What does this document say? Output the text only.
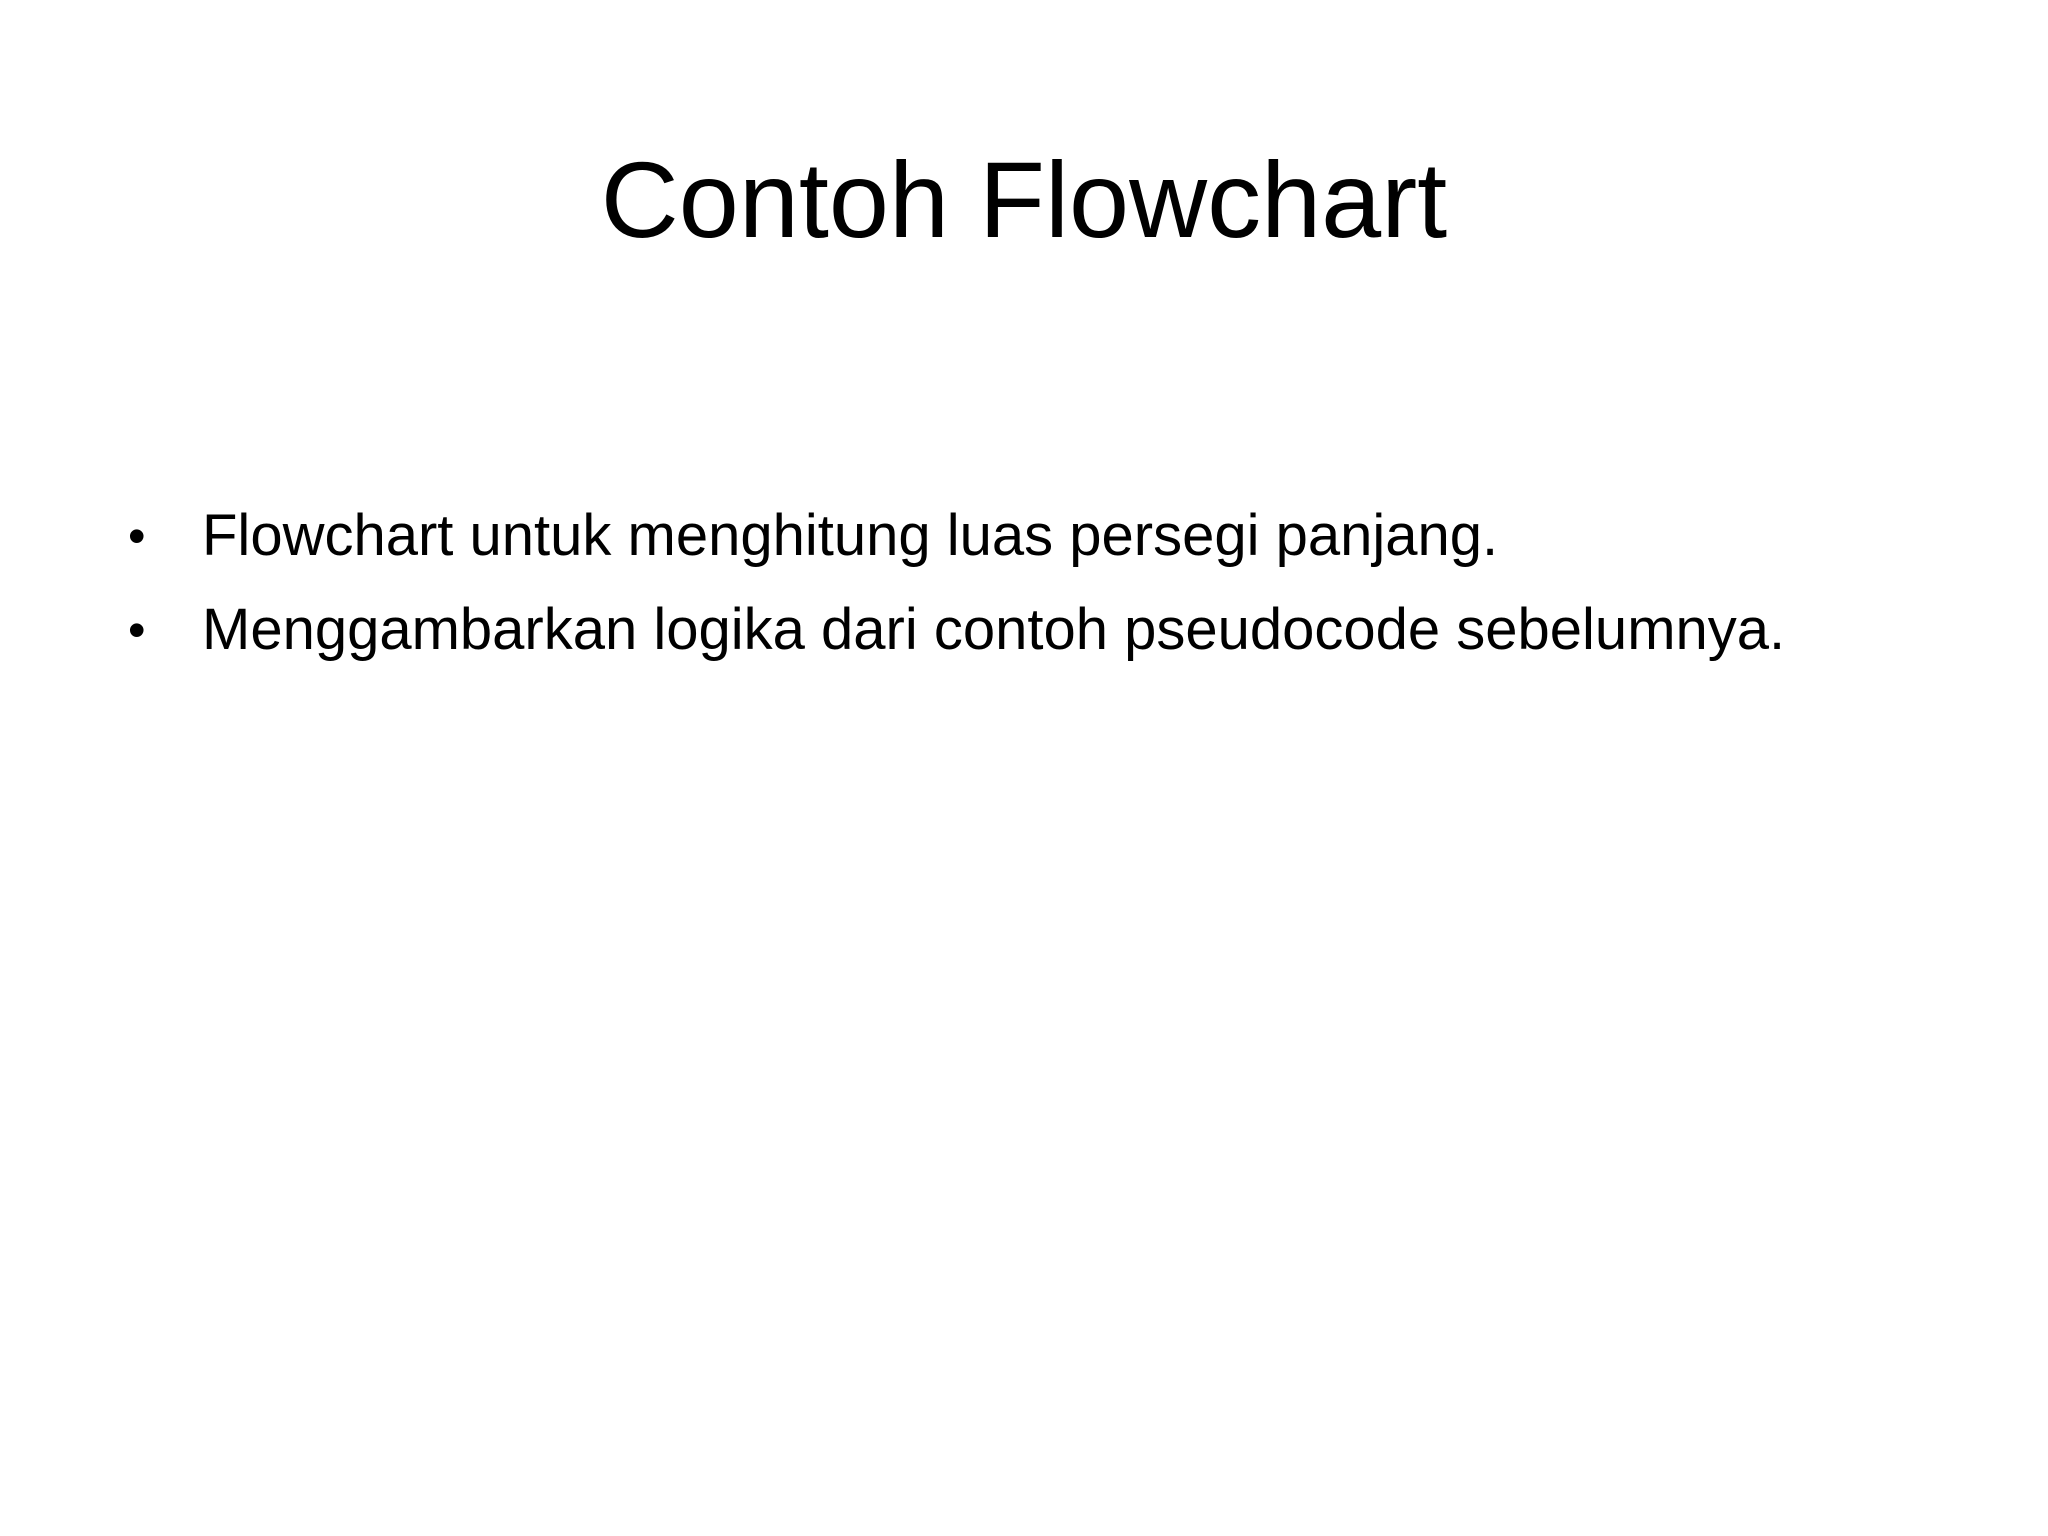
Contoh Flowchart
• Flowchart untuk menghitung luas persegi panjang.
• Menggambarkan logika dari contoh pseudocode sebelumnya.
